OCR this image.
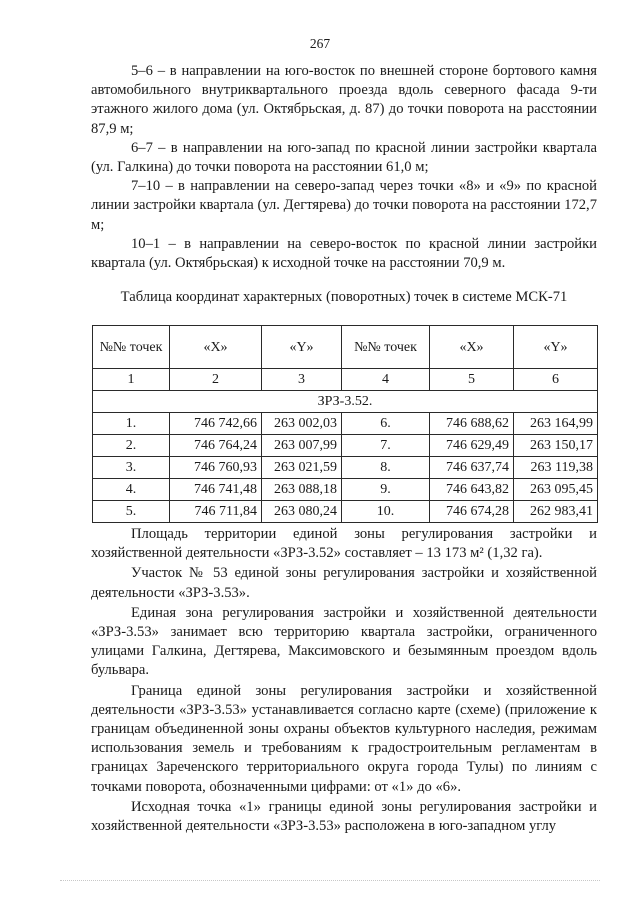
267

5–6 – в направлении на юго-восток по внешней стороне бортового камня автомобильного внутриквартального проезда вдоль северного фасада 9-ти этажного жилого дома (ул. Октябрьская, д. 87) до точки поворота на расстоянии 87,9 м;

6–7 – в направлении на юго-запад по красной линии застройки квартала (ул. Галкина) до точки поворота на расстоянии 61,0 м;

7–10 – в направлении на северо-запад через точки «8» и «9» по красной линии застройки квартала (ул. Дегтярева) до точки поворота на расстоянии 172,7 м;

10–1 – в направлении на северо-восток по красной линии застройки квартала (ул. Октябрьская) к исходной точке на расстоянии 70,9 м.

Таблица координат характерных (поворотных) точек в системе МСК-71
№№ точек	«X»	«Y»	№№ точек	«X»	«Y»
1	2	3	4	5	6
ЗРЗ-3.52.					
1.	746 742,66	263 002,03	6.	746 688,62	263 164,99
2.	746 764,24	263 007,99	7.	746 629,49	263 150,17
3.	746 760,93	263 021,59	8.	746 637,74	263 119,38
4.	746 741,48	263 088,18	9.	746 643,82	263 095,45
5.	746 711,84	263 080,24	10.	746 674,28	262 983,41

Площадь территории единой зоны регулирования застройки и хозяйственной деятельности «ЗРЗ-3.52» составляет – 13 173 м² (1,32 га).

Участок № 53 единой зоны регулирования застройки и хозяйственной деятельности «ЗРЗ-3.53».

Единая зона регулирования застройки и хозяйственной деятельности «ЗРЗ-3.53» занимает всю территорию квартала застройки, ограниченного улицами Галкина, Дегтярева, Максимовского и безымянным проездом вдоль бульвара.

Граница единой зоны регулирования застройки и хозяйственной деятельности «ЗРЗ-3.53» устанавливается согласно карте (схеме) (приложение к границам объединенной зоны охраны объектов культурного наследия, режимам использования земель и требованиям к градостроительным регламентам в границах Зареченского территориального округа города Тулы) по линиям с точками поворота, обозначенными цифрами: от «1» до «6».

Исходная точка «1» границы единой зоны регулирования застройки и хозяйственной деятельности «ЗРЗ-3.53» расположена в юго-западном углу
